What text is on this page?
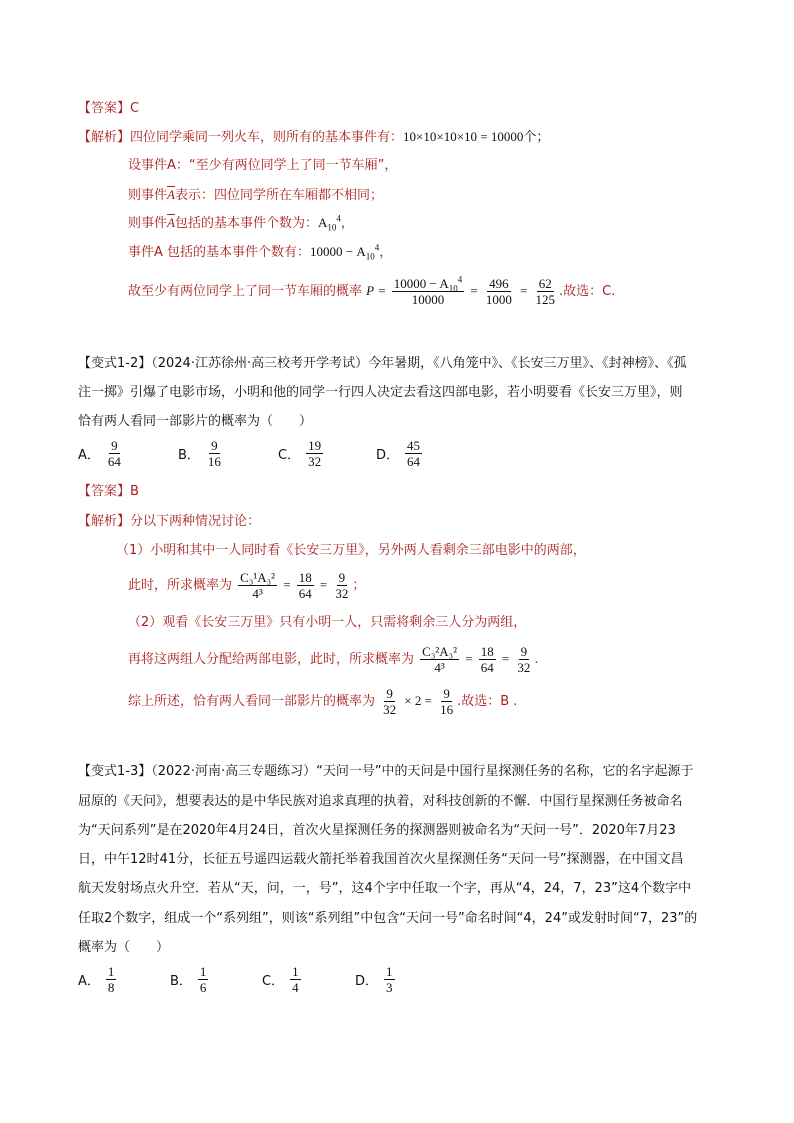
【答案】C
【解析】四位同学乘同一列火车，则所有的基本事件有：10×10×10×10 = 10000个；
设事件A：“至少有两位同学上了同一节车厢”，
则事件$\overline{A}$表示：四位同学所在车厢都不相同；
则事件$\overline{A}$包括的基本事件个数为：$A_{10}^4$，
事件A 包括的基本事件个数有：$10000 - A_{10}^4$，
故至少有两位同学上了同一节车厢的概率 $P = \frac{10000 - A_{10}^4}{10000} = \frac{496}{1000} = \frac{62}{125}$ .故选：C.
【变式1-2】（2024·江苏徐州·高三校考开学考试）今年暑期，《八角笼中》、《长安三万里》、《封神榜》、《孤
注一掷》引爆了电影市场，小明和他的同学一行四人决定去看这四部电影，若小明要看《长安三万里》，则
恰有两人看同一部影片的概率为（　　）
A． $\frac{9}{64}$	B． $\frac{9}{16}$	C． $\frac{19}{32}$	D． $\frac{45}{64}$
【答案】B
【解析】分以下两种情况讨论：
（1）小明和其中一人同时看《长安三万里》，另外两人看剩余三部电影中的两部，
此时，所求概率为 $\frac{\text{C₃¹A₃²}}{\text{4³}} = \frac{18}{64} = \frac{9}{32}$ ；
（2）观看《长安三万里》只有小明一人，只需将剩余三人分为两组，
再将这两组人分配给两部电影，此时，所求概率为 $\frac{\text{C₃²A₃²}}{\text{4³}} = \frac{18}{64} = \frac{9}{32}$ .
综上所述，恰有两人看同一部影片的概率为 $\frac{9}{32} \times 2 = \frac{9}{16}$ .故选：B .
【变式1-3】（2022·河南·高三专题练习）“天问一号”中的天问是中国行星探测任务的名称，它的名字起源于
屈原的《天问》，想要表达的是中华民族对追求真理的执着，对科技创新的不懈．中国行星探测任务被命名
为“天问系列”是在2020年4月24日，首次火星探测任务的探测器则被命名为“天问一号”．2020年7月23
日，中午12时41分，长征五号遥四运载火箭托举着我国首次火星探测任务“天问一号”探测器，在中国文昌
航天发射场点火升空．若从“天，问，一，号”，这4个字中任取一个字，再从“4，24，7，23”这4个数字中
任取2个数字，组成一个“系列组”，则该“系列组”中包含“天问一号”命名时间“4，24”或发射时间“7，23”的
概率为（　　）
A． $\frac{1}{8}$	B． $\frac{1}{6}$	C． $\frac{1}{4}$	D． $\frac{1}{3}$
